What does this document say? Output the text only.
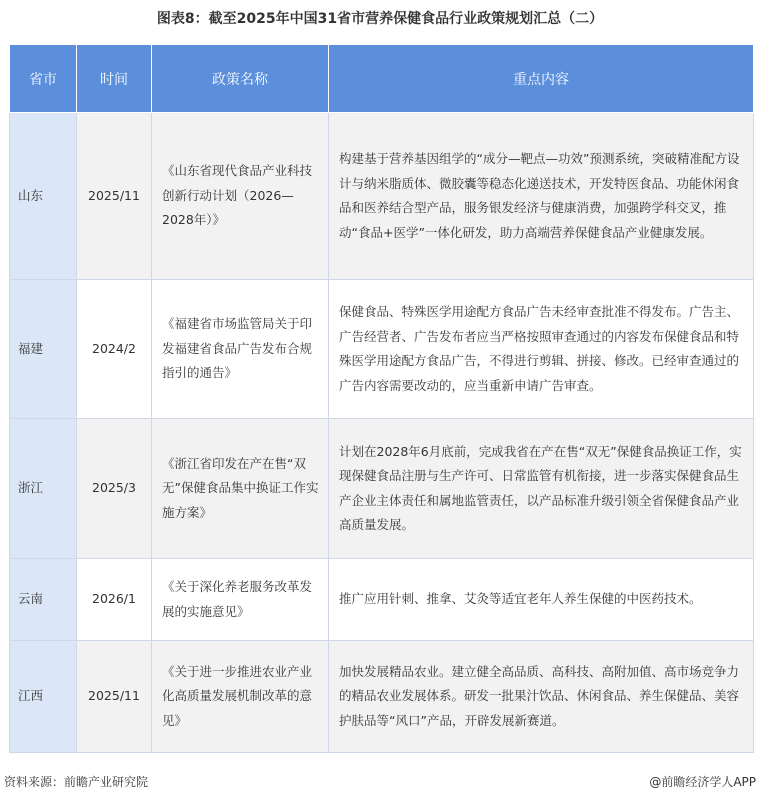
图表8：截至2025年中国31省市营养保健食品行业政策规划汇总（二）
省市	时间	政策名称	重点内容
山东	2025/11	《山东省现代食品产业科技创新行动计划（2026—2028年）》	构建基于营养基因组学的“成分—靶点—功效”预测系统，突破精准配方设计与纳米脂质体、微胶囊等稳态化递送技术，开发特医食品、功能休闲食品和医养结合型产品，服务银发经济与健康消费，加强跨学科交叉，推动“食品+医学”一体化研发，助力高端营养保健食品产业健康发展。
福建	2024/2	《福建省市场监管局关于印发福建省食品广告发布合规指引的通告》	保健食品、特殊医学用途配方食品广告未经审查批准不得发布。广告主、广告经营者、广告发布者应当严格按照审查通过的内容发布保健食品和特殊医学用途配方食品广告，不得进行剪辑、拼接、修改。已经审查通过的广告内容需要改动的，应当重新申请广告审查。
浙江	2025/3	《浙江省印发在产在售“双无”保健食品集中换证工作实施方案》	计划在2028年6月底前，完成我省在产在售“双无”保健食品换证工作，实现保健食品注册与生产许可、日常监管有机衔接，进一步落实保健食品生产企业主体责任和属地监管责任，以产品标准升级引领全省保健食品产业高质量发展。
云南	2026/1	《关于深化养老服务改革发展的实施意见》	推广应用针刺、推拿、艾灸等适宜老年人养生保健的中医药技术。
江西	2025/11	《关于进一步推进农业产业化高质量发展机制改革的意见》	加快发展精品农业。建立健全高品质、高科技、高附加值、高市场竞争力的精品农业发展体系。研发一批果汁饮品、休闲食品、养生保健品、美容护肤品等“风口”产品，开辟发展新赛道。
资料来源：前瞻产业研究院	@前瞻经济学人APP
